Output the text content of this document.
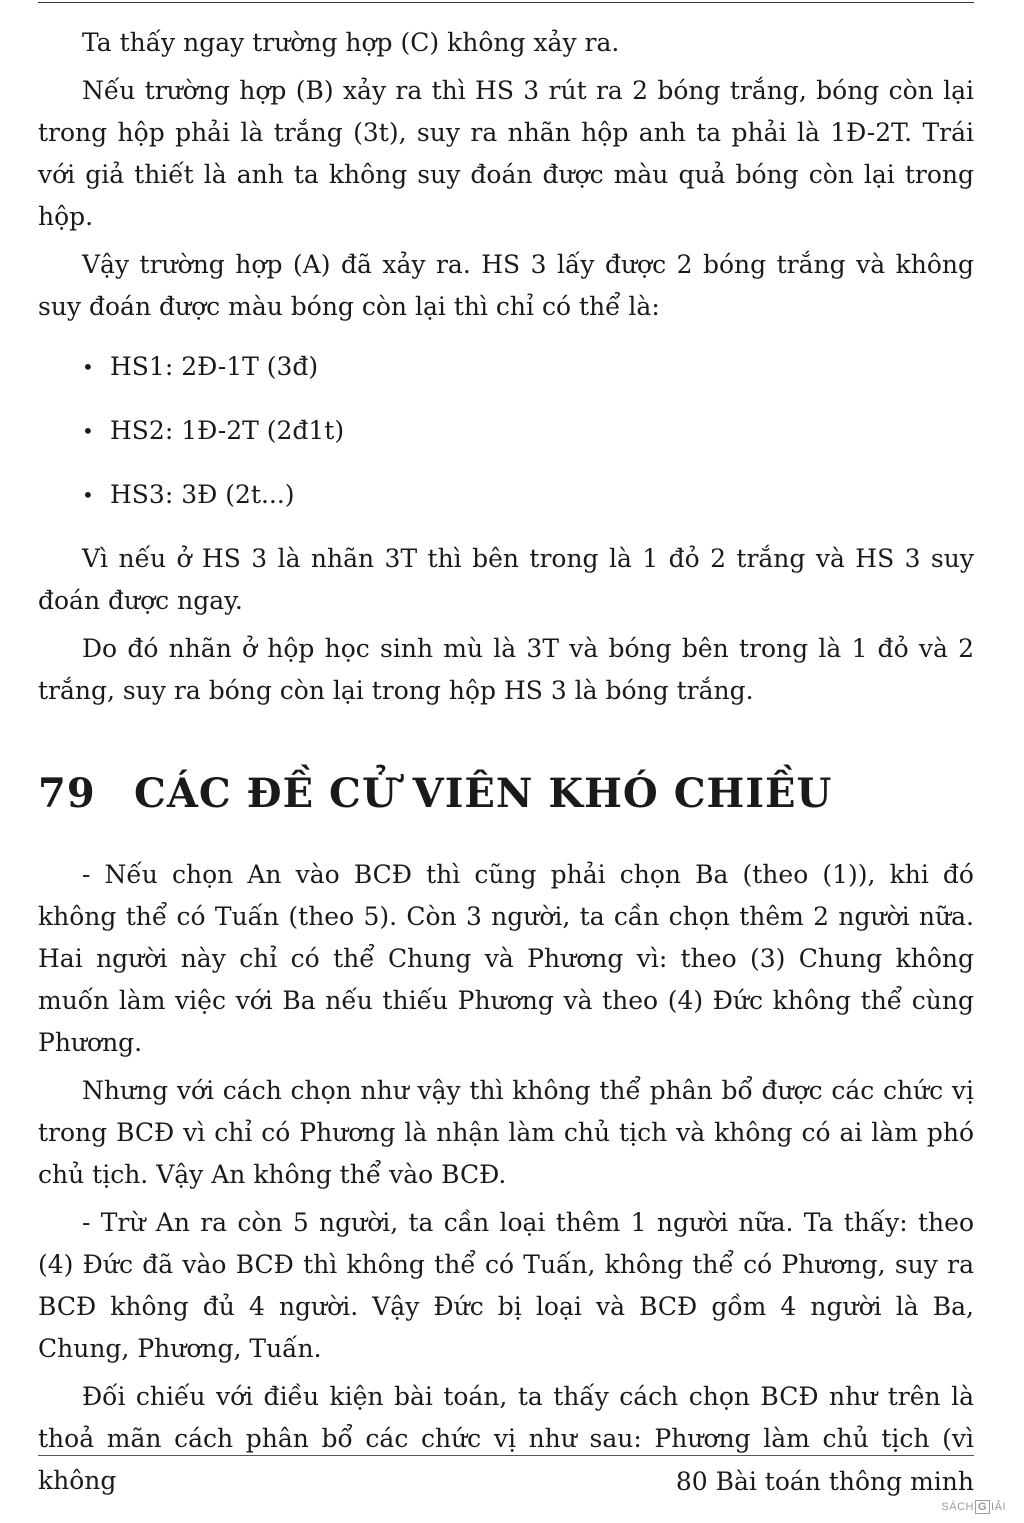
Ta thấy ngay trường hợp (C) không xảy ra.

Nếu trường hợp (B) xảy ra thì HS 3 rút ra 2 bóng trắng, bóng còn lại trong hộp phải là trắng (3t), suy ra nhãn hộp anh ta phải là 1Đ-2T. Trái với giả thiết là anh ta không suy đoán được màu quả bóng còn lại trong hộp.

Vậy trường hợp (A) đã xảy ra. HS 3 lấy được 2 bóng trắng và không suy đoán được màu bóng còn lại thì chỉ có thể là:

• HS1: 2Đ-1T (3đ)
• HS2: 1Đ-2T (2đ1t)
• HS3: 3Đ (2t...)

Vì nếu ở HS 3 là nhãn 3T thì bên trong là 1 đỏ 2 trắng và HS 3 suy đoán được ngay.

Do đó nhãn ở hộp học sinh mù là 3T và bóng bên trong là 1 đỏ và 2 trắng, suy ra bóng còn lại trong hộp HS 3 là bóng trắng.

79 CÁC ĐỀ CỬ VIÊN KHÓ CHIỀU

- Nếu chọn An vào BCĐ thì cũng phải chọn Ba (theo (1)), khi đó không thể có Tuấn (theo 5). Còn 3 người, ta cần chọn thêm 2 người nữa. Hai người này chỉ có thể Chung và Phương vì: theo (3) Chung không muốn làm việc với Ba nếu thiếu Phương và theo (4) Đức không thể cùng Phương.

Nhưng với cách chọn như vậy thì không thể phân bổ được các chức vị trong BCĐ vì chỉ có Phương là nhận làm chủ tịch và không có ai làm phó chủ tịch. Vậy An không thể vào BCĐ.

- Trừ An ra còn 5 người, ta cần loại thêm 1 người nữa. Ta thấy: theo (4) Đức đã vào BCĐ thì không thể có Tuấn, không thể có Phương, suy ra BCĐ không đủ 4 người. Vậy Đức bị loại và BCĐ gồm 4 người là Ba, Chung, Phương, Tuấn.

Đối chiếu với điều kiện bài toán, ta thấy cách chọn BCĐ như trên là thoả mãn cách phân bổ các chức vị như sau: Phương làm chủ tịch (vì không	80 Bài toán thông minh
SÁCH G IẢI
